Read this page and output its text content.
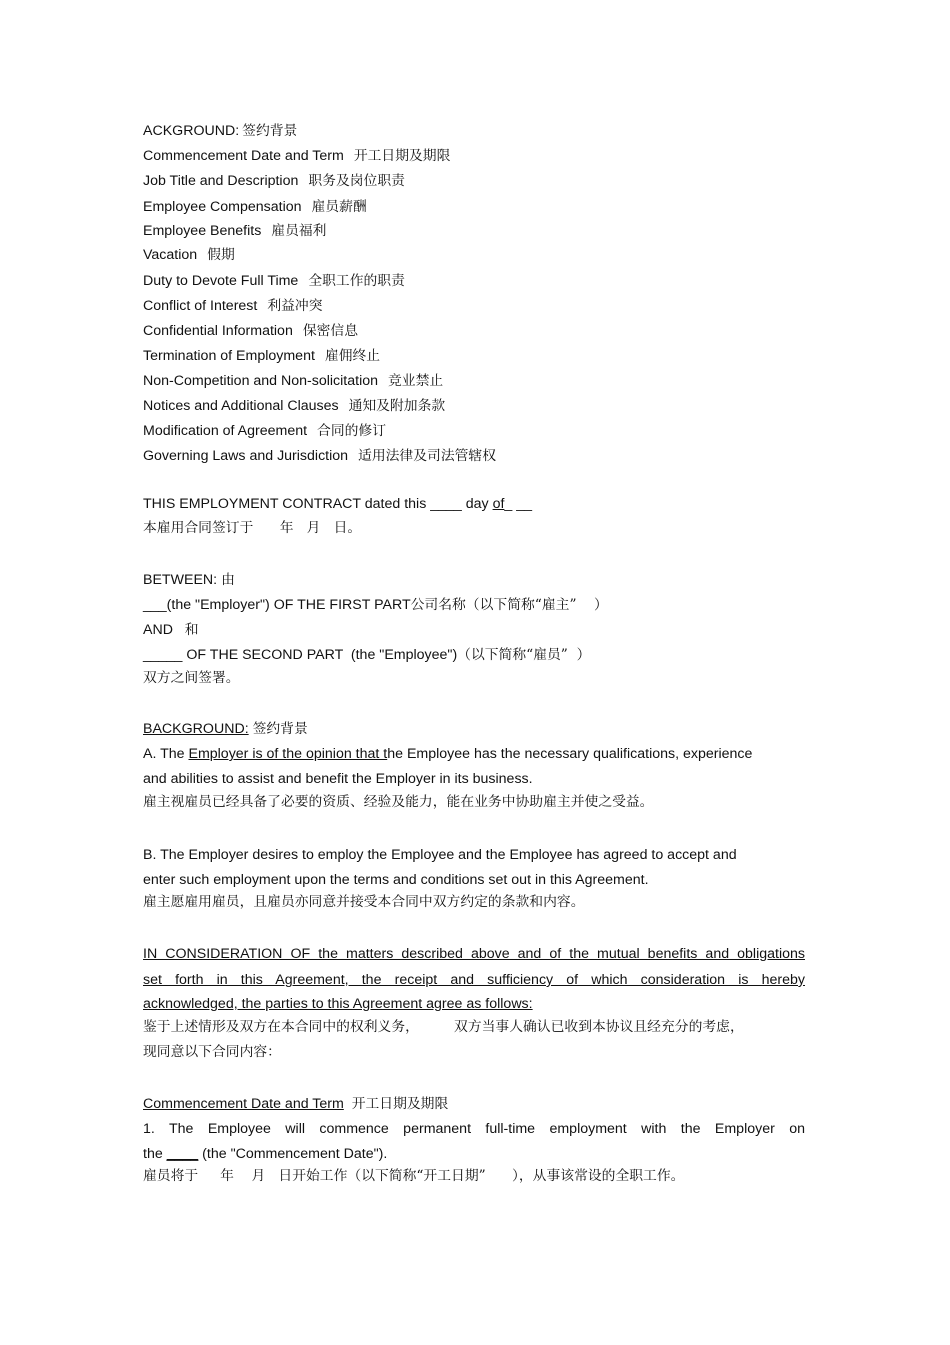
ACKGROUND: 签约背景

Commencement Date and Term 开工日期及期限

Job Title and Description 职务及岗位职责

Employee Compensation 雇员薪酬

Employee Benefits 雇员福利

Vacation 假期

Duty to Devote Full Time 全职工作的职责

Conflict of Interest 利益冲突

Confidential Information 保密信息

Termination of Employment 雇佣终止

Non-Competition and Non-solicitation 竞业禁止

Notices and Additional Clauses 通知及附加条款

Modification of Agreement 合同的修订

Governing Laws and Jurisdiction 适用法律及司法管辖权

THIS EMPLOYMENT CONTRACT dated this ____ day of_ __

本雇用合同签订于      年   月   日。

BETWEEN: 由

___(the "Employer") OF THE FIRST PART公司名称（以下简称“雇主”    ）

AND 和

_____ OF THE SECOND PART  (the "Employee")（以下简称“雇员”  ）

双方之间签署。

BACKGROUND: 签约背景

A. The Employer is of the opinion that the Employee has the necessary qualifications, experience

and abilities to assist and benefit the Employer in its business.

雇主视雇员已经具备了必要的资质、经验及能力，能在业务中协助雇主并使之受益。

B. The Employer desires to employ the Employee and the Employee has agreed to accept and

enter such employment upon the terms and conditions set out in this Agreement.

雇主愿雇用雇员，且雇员亦同意并接受本合同中双方约定的条款和内容。

IN CONSIDERATION OF the matters described above and of the mutual benefits and obligations

set forth in this Agreement, the receipt and sufficiency of which consideration is hereby

acknowledged, the parties to this Agreement agree as follows:

鉴于上述情形及双方在本合同中的权利义务，        双方当事人确认已收到本协议且经充分的考虑，

现同意以下合同内容：

Commencement Date and Term 开工日期及期限

1. The Employee will commence permanent full-time employment with the Employer on

the ____ (the "Commencement Date").

雇员将于     年    月   日开始工作（以下简称“开工日期”      ），从事该常设的全职工作。
